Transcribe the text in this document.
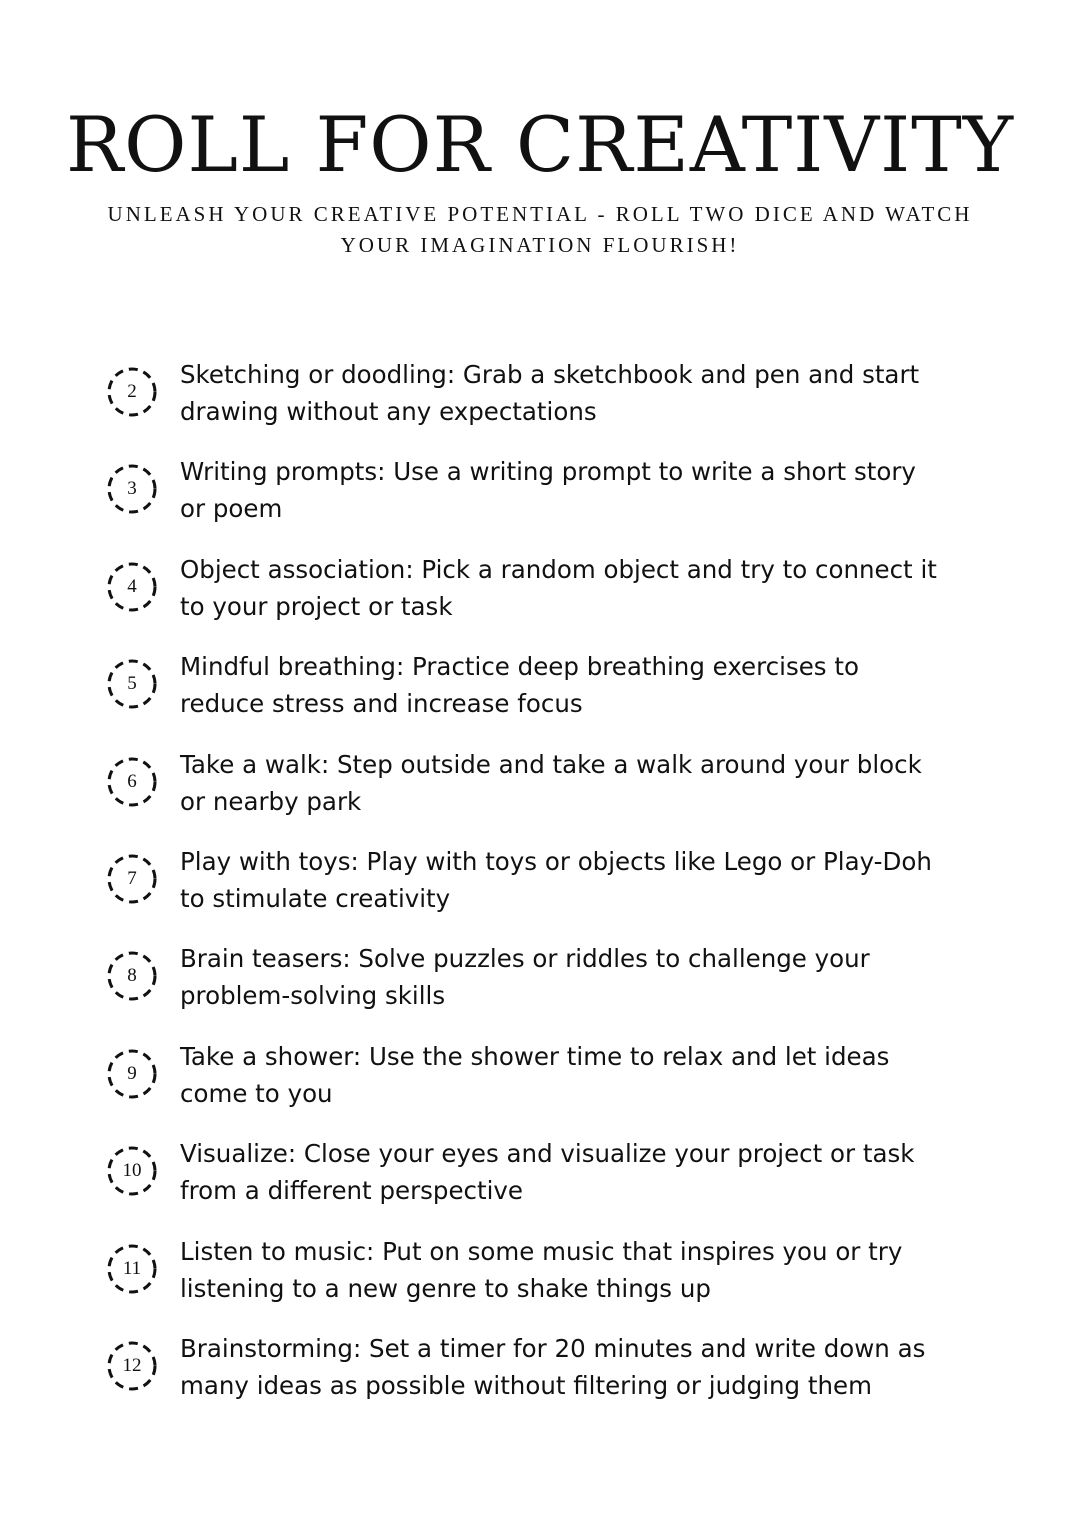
ROLL FOR CREATIVITY

UNLEASH YOUR CREATIVE POTENTIAL - ROLL TWO DICE AND WATCH YOUR IMAGINATION FLOURISH!

2
Sketching or doodling: Grab a sketchbook and pen and start drawing without any expectations
3
Writing prompts: Use a writing prompt to write a short story or poem
4
Object association: Pick a random object and try to connect it to your project or task
5
Mindful breathing: Practice deep breathing exercises to reduce stress and increase focus
6
Take a walk: Step outside and take a walk around your block or nearby park
7
Play with toys: Play with toys or objects like Lego or Play-Doh to stimulate creativity
8
Brain teasers: Solve puzzles or riddles to challenge your problem-solving skills
9
Take a shower: Use the shower time to relax and let ideas come to you
10
Visualize: Close your eyes and visualize your project or task from a different perspective
11
Listen to music: Put on some music that inspires you or try listening to a new genre to shake things up
12
Brainstorming: Set a timer for 20 minutes and write down as many ideas as possible without filtering or judging them
